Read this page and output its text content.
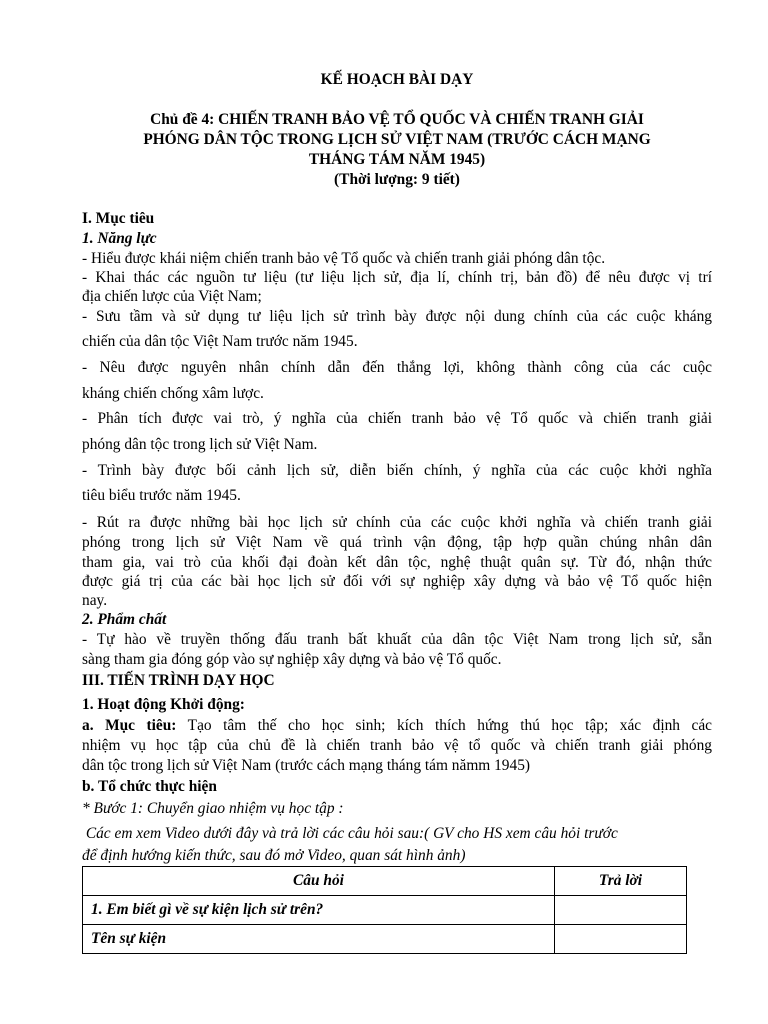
KẾ HOẠCH BÀI DẠY

Chủ đề 4: CHIẾN TRANH BẢO VỆ TỔ QUỐC VÀ CHIẾN TRANH GIẢI

PHÓNG DÂN TỘC TRONG LỊCH SỬ VIỆT NAM (TRƯỚC CÁCH MẠNG

THÁNG TÁM NĂM 1945)

(Thời lượng: 9 tiết)

I. Mục tiêu

1. Năng lực

- Hiểu được khái niệm chiến tranh bảo vệ Tổ quốc và chiến tranh giải phóng dân tộc.

- Khai thác các nguồn tư liệu (tư liệu lịch sử, địa lí, chính trị, bản đồ) để nêu được vị trí

địa chiến lược của Việt Nam;

- Sưu tầm và sử dụng tư liệu lịch sử trình bày được nội dung chính của các cuộc kháng

chiến của dân tộc Việt Nam trước năm 1945.

- Nêu được nguyên nhân chính dẫn đến thắng lợi, không thành công của các cuộc

kháng chiến chống xâm lược.

- Phân tích được vai trò, ý nghĩa của chiến tranh bảo vệ Tổ quốc và chiến tranh giải

phóng dân tộc trong lịch sử Việt Nam.

- Trình bày được bối cảnh lịch sử, diễn biến chính, ý nghĩa của các cuộc khởi nghĩa

tiêu biểu trước năm 1945.

- Rút ra được những bài học lịch sử chính của các cuộc khởi nghĩa và chiến tranh giải

phóng trong lịch sử Việt Nam về quá trình vận động, tập hợp quần chúng nhân dân

tham gia, vai trò của khối đại đoàn kết dân tộc, nghệ thuật quân sự. Từ đó, nhận thức

được giá trị của các bài học lịch sử đối với sự nghiệp xây dựng và bảo vệ Tổ quốc hiện

nay.

2. Phẩm chất

- Tự hào về truyền thống đấu tranh bất khuất của dân tộc Việt Nam trong lịch sử, sẵn

sàng tham gia đóng góp vào sự nghiệp xây dựng và bảo vệ Tổ quốc.

III. TIẾN TRÌNH DẠY HỌC

1. Hoạt động Khởi động:

a. Mục tiêu: Tạo tâm thế cho học sinh; kích thích hứng thú học tập; xác định các

nhiệm vụ học tập của chủ đề là chiến tranh bảo vệ tổ quốc và chiến tranh giải phóng

dân tộc trong lịch sử Việt Nam (trước cách mạng tháng tám nămm 1945)

b. Tổ chức thực hiện

* Bước 1: Chuyển giao nhiệm vụ học tập :

Các em xem Video dưới đây và trả lời các câu hỏi sau:( GV cho HS xem câu hỏi trước

để định hướng kiến thức, sau đó mở Video, quan sát hình ảnh)

Câu hỏi	Trả lời
1. Em biết gì về sự kiện lịch sử trên?	
Tên sự kiện	
